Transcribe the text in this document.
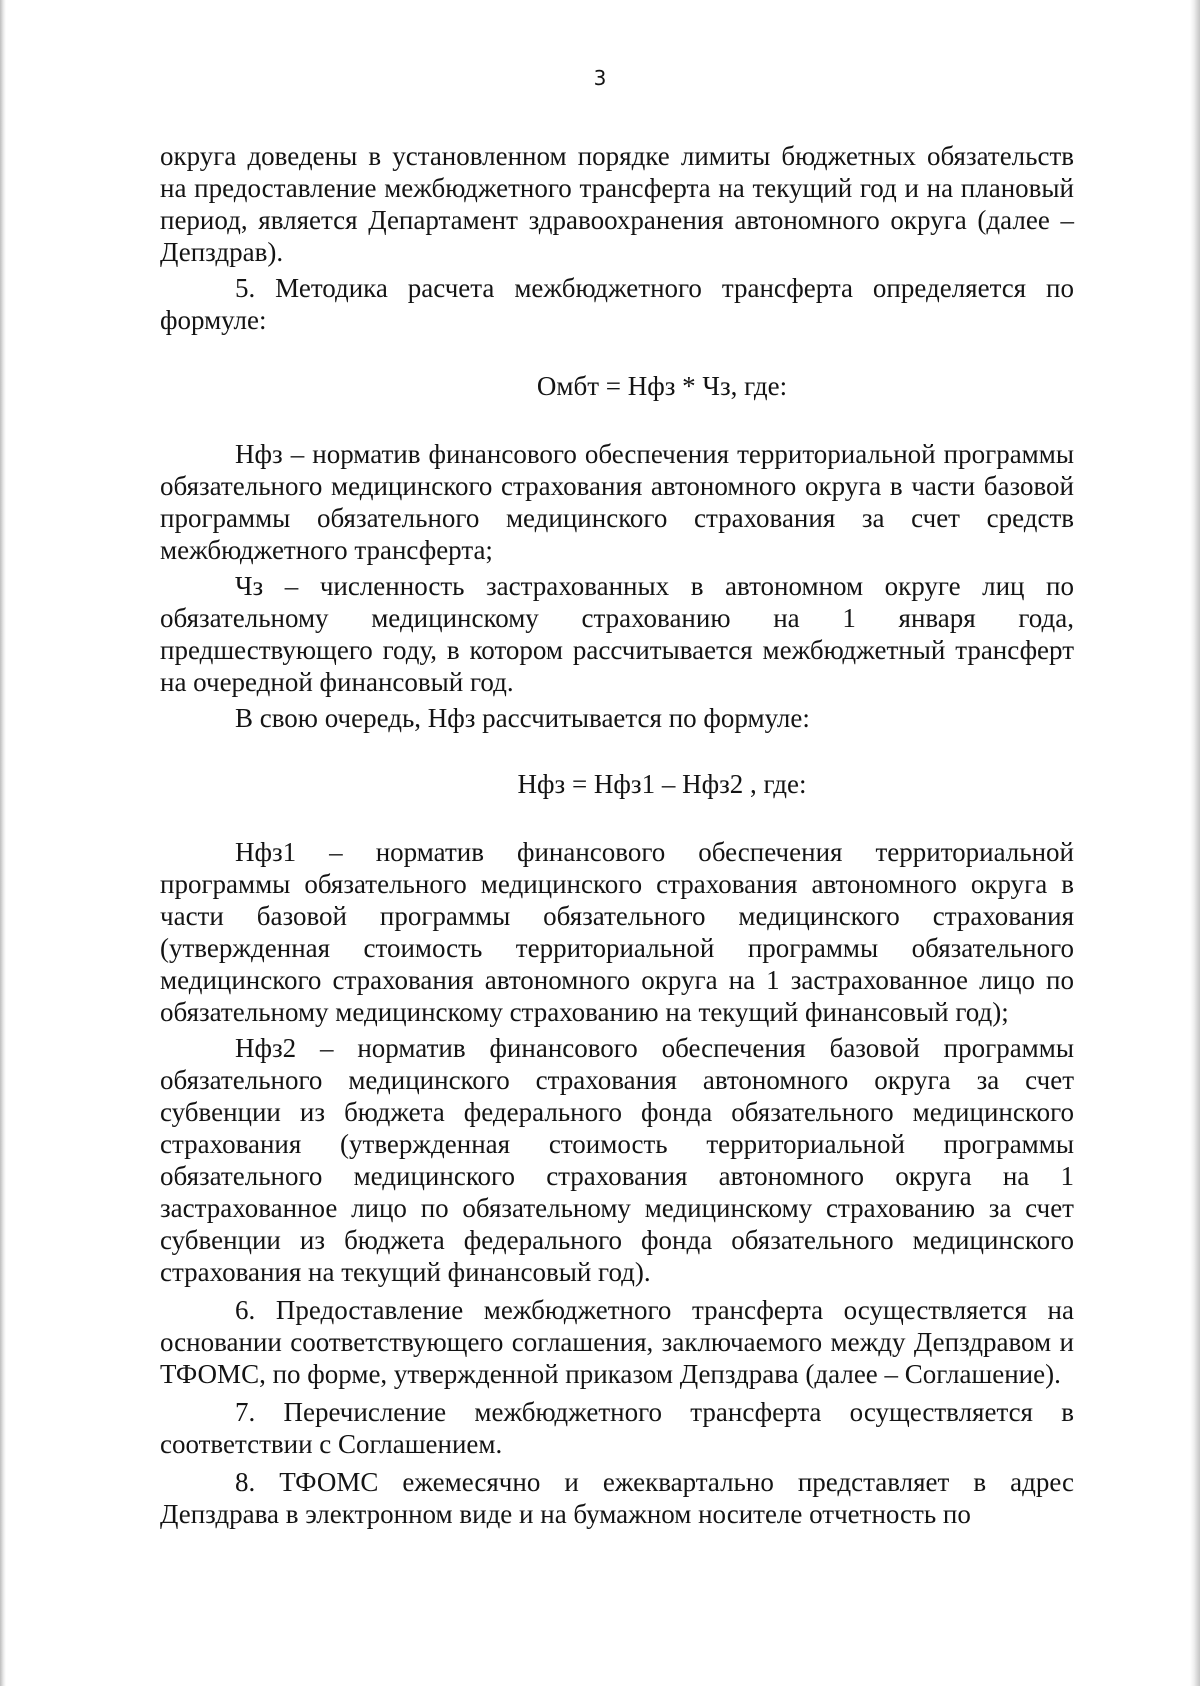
3

округа доведены в установленном порядке лимиты бюджетных обязательств на предоставление межбюджетного трансферта на текущий год и на плановый период, является Департамент здравоохранения автономного округа (далее – Депздрав).

5. Методика расчета межбюджетного трансферта определяется по формуле:

Омбт = Нфз * Чз, где:

Нфз – норматив финансового обеспечения территориальной программы обязательного медицинского страхования автономного округа в части базовой программы обязательного медицинского страхования за счет средств межбюджетного трансферта;

Чз – численность застрахованных в автономном округе лиц по обязательному медицинскому страхованию на 1 января года, предшествующего году, в котором рассчитывается межбюджетный трансферт на очередной финансовый год.

В свою очередь, Нфз рассчитывается по формуле:

Нфз = Нфз1 – Нфз2 , где:

Нфз1 – норматив финансового обеспечения территориальной программы обязательного медицинского страхования автономного округа в части базовой программы обязательного медицинского страхования (утвержденная стоимость территориальной программы обязательного медицинского страхования автономного округа на 1 застрахованное лицо по обязательному медицинскому страхованию на текущий финансовый год);

Нфз2 – норматив финансового обеспечения базовой программы обязательного медицинского страхования автономного округа за счет субвенции из бюджета федерального фонда обязательного медицинского страхования (утвержденная стоимость территориальной программы обязательного медицинского страхования автономного округа на 1 застрахованное лицо по обязательному медицинскому страхованию за счет субвенции из бюджета федерального фонда обязательного медицинского страхования на текущий финансовый год).

6. Предоставление межбюджетного трансферта осуществляется на основании соответствующего соглашения, заключаемого между Депздравом и ТФОМС, по форме, утвержденной приказом Депздрава (далее – Соглашение).

7. Перечисление межбюджетного трансферта осуществляется в соответствии с Соглашением.

8. ТФОМС ежемесячно и ежеквартально представляет в адрес Депздрава в электронном виде и на бумажном носителе отчетность по
